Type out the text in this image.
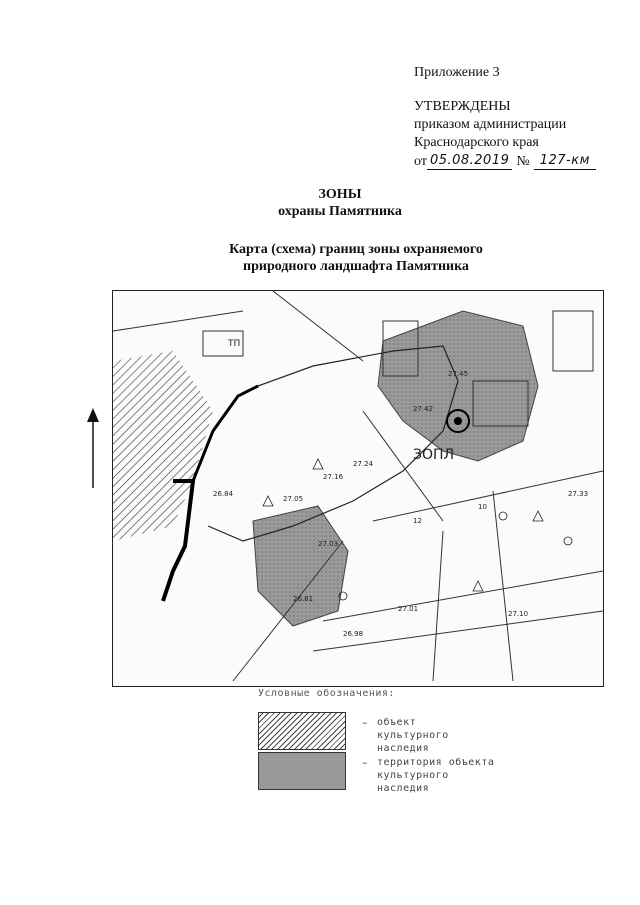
Приложение 3
УТВЕРЖДЕНЫ
приказом администрации
Краснодарского края
от 05.08.2019 № 127-км
ЗОНЫ
охраны Памятника
Карта (схема) границ зоны охраняемого
природного ландшафта Памятника
ЗОПЛ
ТП
27.05
26.84
27.24
27.16
27.01
26.98
27.10
27.03
26.81
27.45
27.42
27.33
12
10
Условные обозначения:
– объект
культурного
наследия
– территория объекта
культурного
наследия
